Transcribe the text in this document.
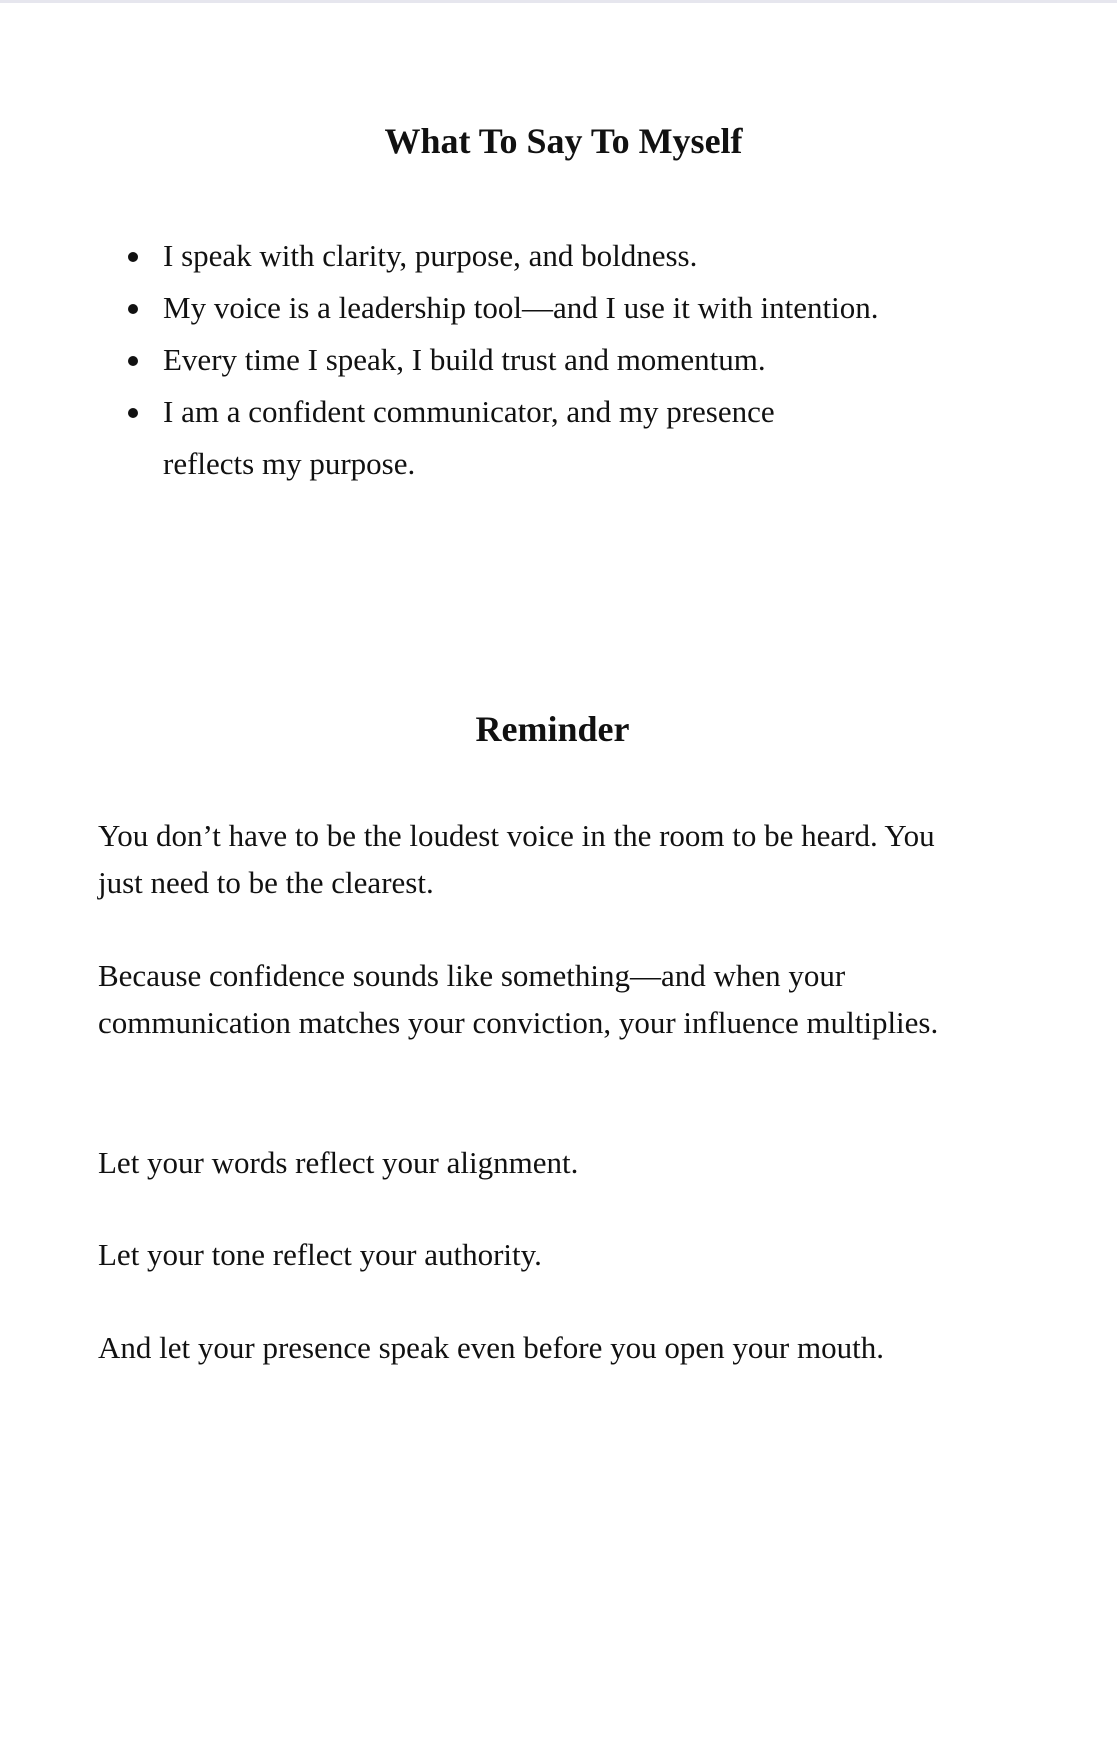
What To Say To Myself
I speak with clarity, purpose, and boldness.
My voice is a leadership tool—and I use it with intention.
Every time I speak, I build trust and momentum.
I am a confident communicator, and my presence reflects my purpose.
Reminder

You don’t have to be the loudest voice in the room to be heard. You just need to be the clearest.

Because confidence sounds like something—and when your communication matches your conviction, your influence multiplies.

Let your words reflect your alignment.

Let your tone reflect your authority.

And let your presence speak even before you open your mouth.
